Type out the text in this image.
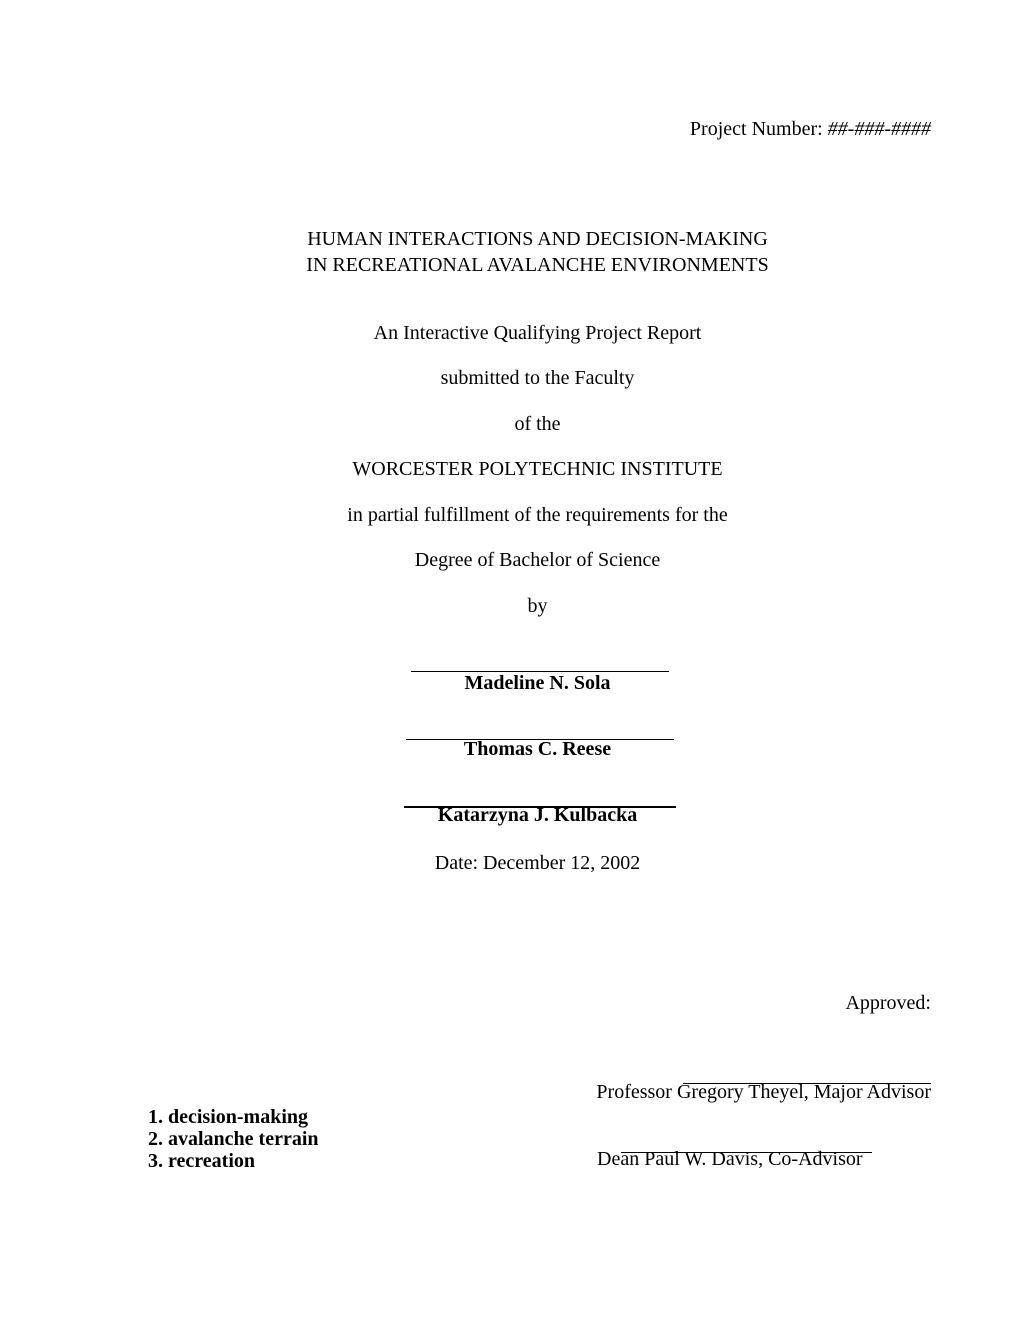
Project Number: ##-###-####
HUMAN INTERACTIONS AND DECISION-MAKING
IN RECREATIONAL AVALANCHE ENVIRONMENTS
An Interactive Qualifying Project Report
submitted to the Faculty
of the
WORCESTER POLYTECHNIC INSTITUTE
in partial fulfillment of the requirements for the
Degree of Bachelor of Science
by
Madeline N. Sola
Thomas C. Reese
Katarzyna J. Kulbacka
Date: December 12, 2002
Approved:
Professor Gregory Theyel, Major Advisor
1. decision-making
2. avalanche terrain
3. recreation	Dean Paul W. Davis, Co-Advisor
